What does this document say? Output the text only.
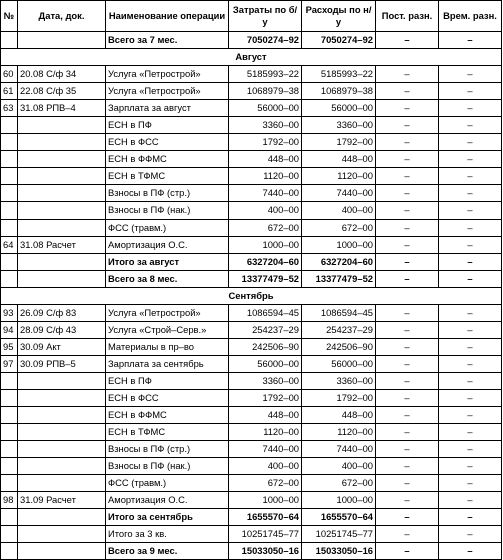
№	Дата, док.	Наименование операции	Затраты по б/у	Расходы по н/у	Пост. разн.	Врем. разн.
		Всего за 7 мес.	7050274–92	7050274–92	–	–
Август						
60	20.08 С/ф 34	Услуга «Петрострой»	5185993–22	5185993–22	–	–
61	22.08 С/ф 35	Услуга «Петрострой»	1068979–38	1068979–38	–	–
63	31.08 РПВ–4	Зарплата за август	56000–00	56000–00	–	–
		ЕСН в ПФ	3360–00	3360–00	–	–
		ЕСН в ФСС	1792–00	1792–00	–	–
		ЕСН в ФФМС	448–00	448–00	–	–
		ЕСН в ТФМС	1120–00	1120–00	–	–
		Взносы в ПФ (стр.)	7440–00	7440–00	–	–
		Взносы в ПФ (нак.)	400–00	400–00	–	–
		ФСС (травм.)	672–00	672–00	–	–
64	31.08 Расчет	Амортизация О.С.	1000–00	1000–00	–	–
		Итого за август	6327204–60	6327204–60	–	–
		Всего за 8 мес.	13377479–52	13377479–52	–	–
Сентябрь						
93	26.09 С/ф 83	Услуга «Петрострой»	1086594–45	1086594–45	–	–
94	28.09 С/ф 43	Услуга «Строй–Серв.»	254237–29	254237–29	–	–
95	30.09 Акт	Материалы в пр–во	242506–90	242506–90	–	–
97	30.09 РПВ–5	Зарплата за сентябрь	56000–00	56000–00	–	–
		ЕСН в ПФ	3360–00	3360–00	–	–
		ЕСН в ФСС	1792–00	1792–00	–	–
		ЕСН в ФФМС	448–00	448–00	–	–
		ЕСН в ТФМС	1120–00	1120–00	–	–
		Взносы в ПФ (стр.)	7440–00	7440–00	–	–
		Взносы в ПФ (нак.)	400–00	400–00	–	–
		ФСС (травм.)	672–00	672–00	–	–
98	31.09 Расчет	Амортизация О.С.	1000–00	1000–00	–	–
		Итого за сентябрь	1655570–64	1655570–64	–	–
		Итого за 3 кв.	10251745–77	10251745–77	–	–
		Всего за 9 мес.	15033050–16	15033050–16	–	–
